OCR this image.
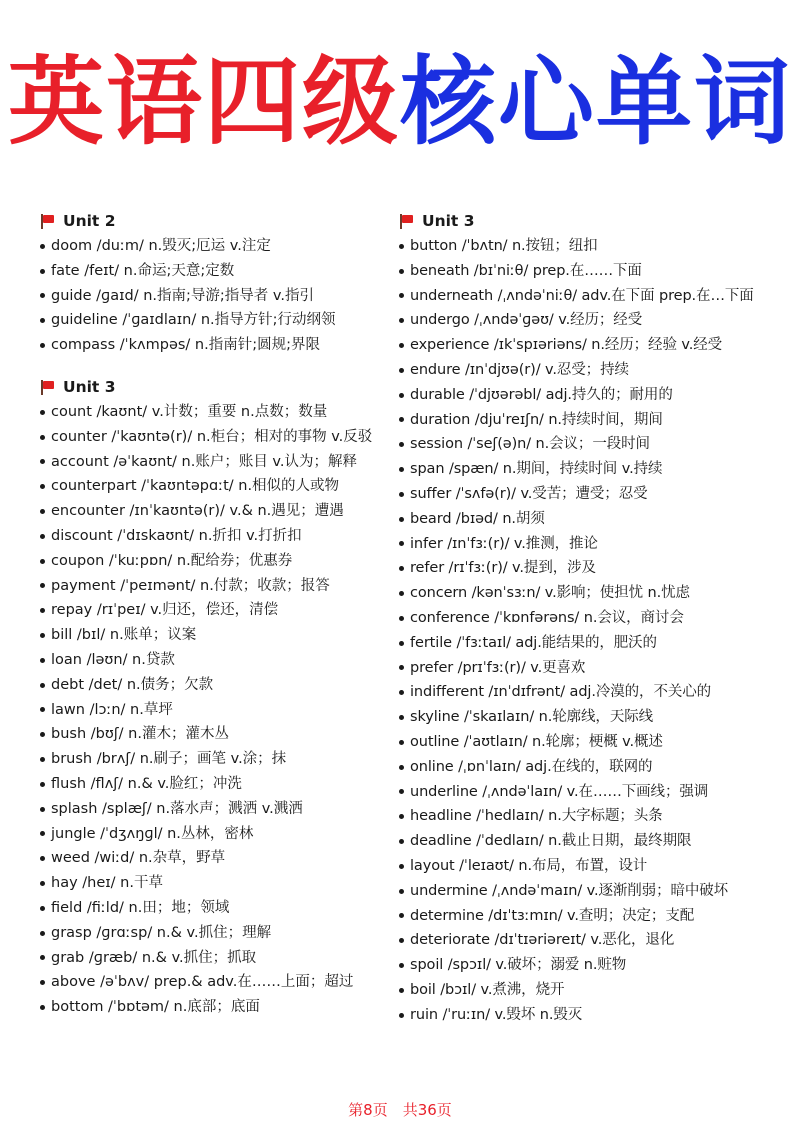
英语四级核心单词
Unit 2
doom /duːm/ n.毁灭;厄运 v.注定
fate /feɪt/ n.命运;天意;定数
guide /ɡaɪd/ n.指南;导游;指导者 v.指引
guideline /ˈɡaɪdlaɪn/ n.指导方针;行动纲领
compass /ˈkʌmpəs/ n.指南针;圆规;界限
Unit 3
count /kaʊnt/ v.计数；重要 n.点数；数量
counter /ˈkaʊntə(r)/ n.柜台；相对的事物 v.反驳
account /əˈkaʊnt/ n.账户；账目 v.认为；解释
counterpart /ˈkaʊntəpɑːt/ n.相似的人或物
encounter /ɪnˈkaʊntə(r)/ v.& n.遇见；遭遇
discount /ˈdɪskaʊnt/ n.折扣 v.打折扣
coupon /ˈkuːpɒn/ n.配给券；优惠券
payment /ˈpeɪmənt/ n.付款；收款；报答
repay /rɪˈpeɪ/ v.归还，偿还，清偿
bill /bɪl/ n.账单；议案
loan /ləʊn/ n.贷款
debt /det/ n.债务；欠款
lawn /lɔːn/ n.草坪
bush /bʊʃ/ n.灌木；灌木丛
brush /brʌʃ/ n.刷子；画笔 v.涂；抹
flush /flʌʃ/ n.& v.脸红；冲洗
splash /splæʃ/ n.落水声；溅洒 v.溅洒
jungle /ˈdʒʌŋɡl/ n.丛林，密林
weed /wiːd/ n.杂草，野草
hay /heɪ/ n.干草
field /fiːld/ n.田；地；领域
grasp /ɡrɑːsp/ n.& v.抓住；理解
grab /ɡræb/ n.& v.抓住；抓取
above /əˈbʌv/ prep.& adv.在……上面；超过
bottom /ˈbɒtəm/ n.底部；底面
Unit 3
button /ˈbʌtn/ n.按钮；纽扣
beneath /bɪˈniːθ/ prep.在……下面
underneath /ˌʌndəˈniːθ/ adv.在下面 prep.在…下面
undergo /ˌʌndəˈɡəʊ/ v.经历；经受
experience /ɪkˈspɪəriəns/ n.经历；经验 v.经受
endure /ɪnˈdjʊə(r)/ v.忍受；持续
durable /ˈdjʊərəbl/ adj.持久的；耐用的
duration /djuˈreɪʃn/ n.持续时间，期间
session /ˈseʃ(ə)n/ n.会议；一段时间
span /spæn/ n.期间，持续时间 v.持续
suffer /ˈsʌfə(r)/ v.受苦；遭受；忍受
beard /bɪəd/ n.胡须
infer /ɪnˈfɜː(r)/ v.推测，推论
refer /rɪˈfɜː(r)/ v.提到，涉及
concern /kənˈsɜːn/ v.影响；使担忧 n.忧虑
conference /ˈkɒnfərəns/ n.会议，商讨会
fertile /ˈfɜːtaɪl/ adj.能结果的，肥沃的
prefer /prɪˈfɜː(r)/ v.更喜欢
indifferent /ɪnˈdɪfrənt/ adj.冷漠的，不关心的
skyline /ˈskaɪlaɪn/ n.轮廓线，天际线
outline /ˈaʊtlaɪn/ n.轮廓；梗概 v.概述
online /ˌɒnˈlaɪn/ adj.在线的，联网的
underline /ˌʌndəˈlaɪn/ v.在……下画线；强调
headline /ˈhedlaɪn/ n.大字标题；头条
deadline /ˈdedlaɪn/ n.截止日期，最终期限
layout /ˈleɪaʊt/ n.布局，布置，设计
undermine /ˌʌndəˈmaɪn/ v.逐渐削弱；暗中破坏
determine /dɪˈtɜːmɪn/ v.查明；决定；支配
deteriorate /dɪˈtɪəriəreɪt/ v.恶化，退化
spoil /spɔɪl/ v.破坏；溺爱 n.赃物
boil /bɔɪl/ v.煮沸，烧开
ruin /ˈruːɪn/ v.毁坏 n.毁灭
第8页　共36页
